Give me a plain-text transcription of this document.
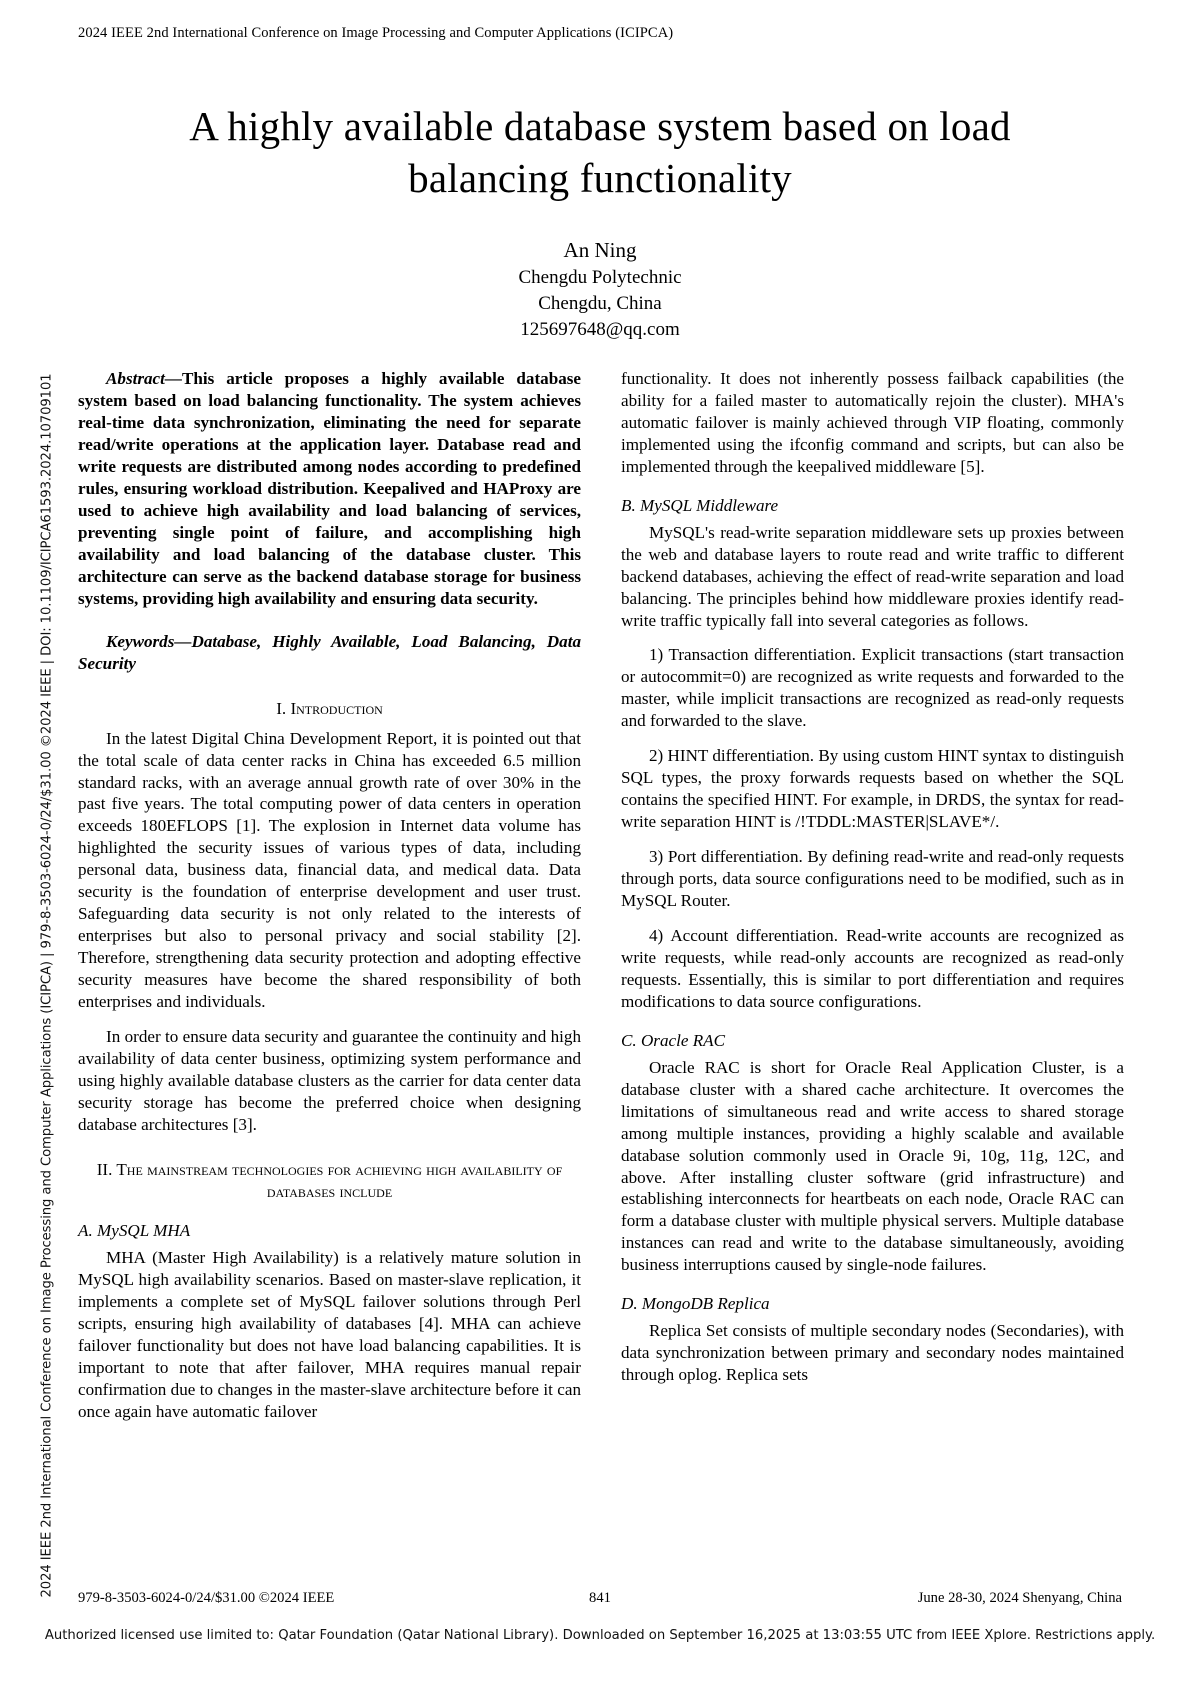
2024 IEEE 2nd International Conference on Image Processing and Computer Applications (ICIPCA)
2024 IEEE 2nd International Conference on Image Processing and Computer Applications (ICIPCA) | 979-8-3503-6024-0/24/$31.00 ©2024 IEEE | DOI: 10.1109/ICIPCA61593.2024.10709101
A highly available database system based on load balancing functionality
An Ning
Chengdu Polytechnic
Chengdu, China
125697648@qq.com

Abstract—This article proposes a highly available database system based on load balancing functionality. The system achieves real-time data synchronization, eliminating the need for separate read/write operations at the application layer. Database read and write requests are distributed among nodes according to predefined rules, ensuring workload distribution. Keepalived and HAProxy are used to achieve high availability and load balancing of services, preventing single point of failure, and accomplishing high availability and load balancing of the database cluster. This architecture can serve as the backend database storage for business systems, providing high availability and ensuring data security.

Keywords—Database, Highly Available, Load Balancing, Data Security

I. Introduction

In the latest Digital China Development Report, it is pointed out that the total scale of data center racks in China has exceeded 6.5 million standard racks, with an average annual growth rate of over 30% in the past five years. The total computing power of data centers in operation exceeds 180EFLOPS [1]. The explosion in Internet data volume has highlighted the security issues of various types of data, including personal data, business data, financial data, and medical data. Data security is the foundation of enterprise development and user trust. Safeguarding data security is not only related to the interests of enterprises but also to personal privacy and social stability [2]. Therefore, strengthening data security protection and adopting effective security measures have become the shared responsibility of both enterprises and individuals.

In order to ensure data security and guarantee the continuity and high availability of data center business, optimizing system performance and using highly available database clusters as the carrier for data center data security storage has become the preferred choice when designing database architectures [3].

II. The mainstream technologies for achieving high availability of databases include

A. MySQL MHA

MHA (Master High Availability) is a relatively mature solution in MySQL high availability scenarios. Based on master-slave replication, it implements a complete set of MySQL failover solutions through Perl scripts, ensuring high availability of databases [4]. MHA can achieve failover functionality but does not have load balancing capabilities. It is important to note that after failover, MHA requires manual repair confirmation due to changes in the master-slave architecture before it can once again have automatic failover

functionality. It does not inherently possess failback capabilities (the ability for a failed master to automatically rejoin the cluster). MHA's automatic failover is mainly achieved through VIP floating, commonly implemented using the ifconfig command and scripts, but can also be implemented through the keepalived middleware [5].

B. MySQL Middleware

MySQL's read-write separation middleware sets up proxies between the web and database layers to route read and write traffic to different backend databases, achieving the effect of read-write separation and load balancing. The principles behind how middleware proxies identify read-write traffic typically fall into several categories as follows.

1) Transaction differentiation. Explicit transactions (start transaction or autocommit=0) are recognized as write requests and forwarded to the master, while implicit transactions are recognized as read-only requests and forwarded to the slave.

2) HINT differentiation. By using custom HINT syntax to distinguish SQL types, the proxy forwards requests based on whether the SQL contains the specified HINT. For example, in DRDS, the syntax for read-write separation HINT is /!TDDL:MASTER|SLAVE*/.

3) Port differentiation. By defining read-write and read-only requests through ports, data source configurations need to be modified, such as in MySQL Router.

4) Account differentiation. Read-write accounts are recognized as write requests, while read-only accounts are recognized as read-only requests. Essentially, this is similar to port differentiation and requires modifications to data source configurations.

C. Oracle RAC

Oracle RAC is short for Oracle Real Application Cluster, is a database cluster with a shared cache architecture. It overcomes the limitations of simultaneous read and write access to shared storage among multiple instances, providing a highly scalable and available database solution commonly used in Oracle 9i, 10g, 11g, 12C, and above. After installing cluster software (grid infrastructure) and establishing interconnects for heartbeats on each node, Oracle RAC can form a database cluster with multiple physical servers. Multiple database instances can read and write to the database simultaneously, avoiding business interruptions caused by single-node failures.

D. MongoDB Replica

Replica Set consists of multiple secondary nodes (Secondaries), with data synchronization between primary and secondary nodes maintained through oplog. Replica sets

979-8-3503-6024-0/24/$31.00 ©2024 IEEE	841	June 28-30, 2024 Shenyang, China
Authorized licensed use limited to: Qatar Foundation (Qatar National Library). Downloaded on September 16,2025 at 13:03:55 UTC from IEEE Xplore. Restrictions apply.
